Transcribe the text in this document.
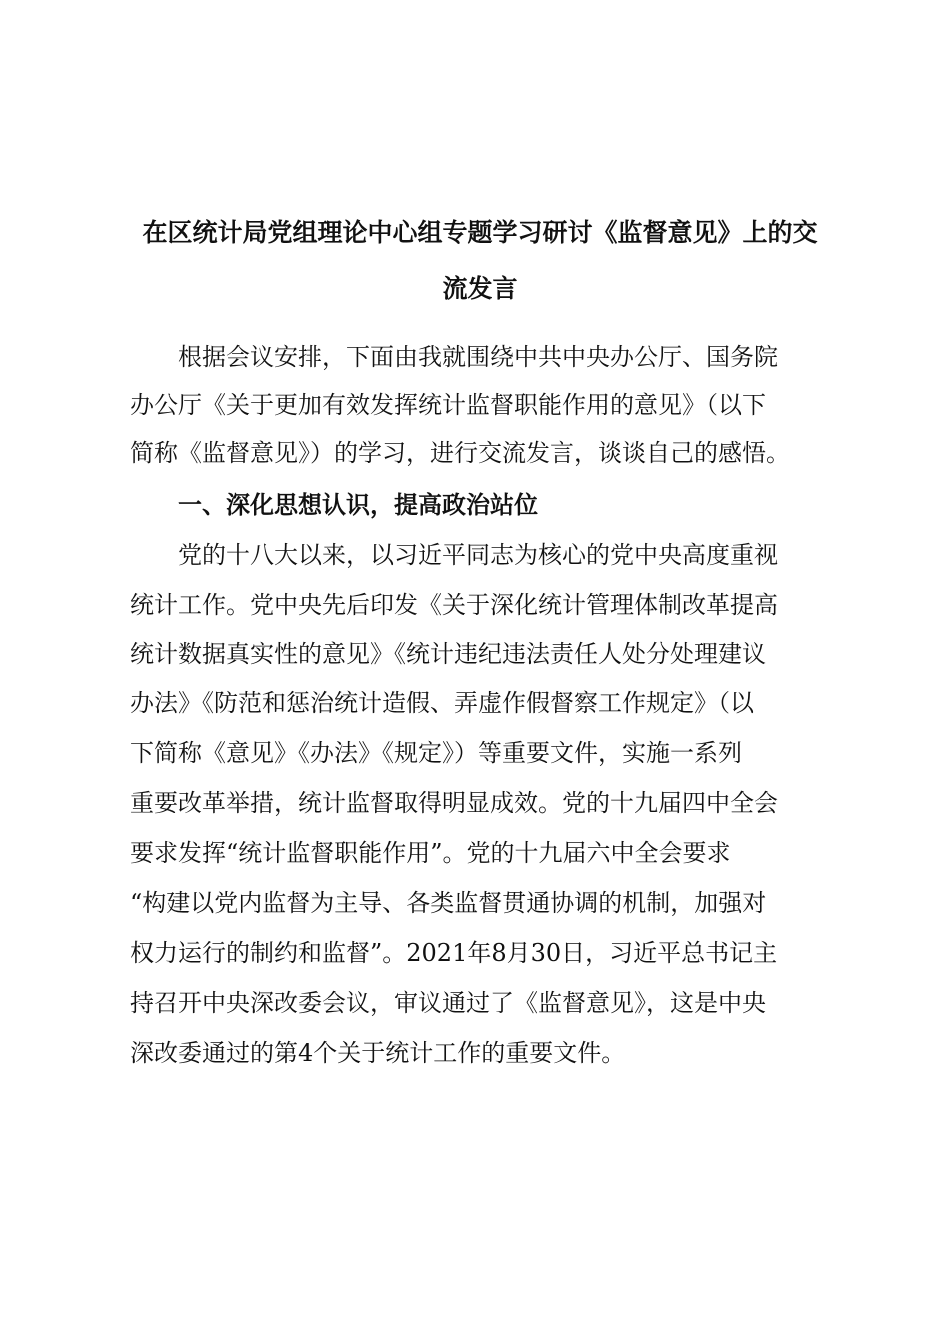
在区统计局党组理论中心组专题学习研讨《监督意见》上的交
流发言

　　根据会议安排，下面由我就围绕中共中央办公厅、国务院

办公厅《关于更加有效发挥统计监督职能作用的意见》（以下

简称《监督意见》）的学习，进行交流发言，谈谈自己的感悟。

　　一、深化思想认识，提高政治站位

　　党的十八大以来，以习近平同志为核心的党中央高度重视

统计工作。党中央先后印发《关于深化统计管理体制改革提高

统计数据真实性的意见》《统计违纪违法责任人处分处理建议

办法》《防范和惩治统计造假、弄虚作假督察工作规定》（以

下简称《意见》《办法》《规定》）等重要文件，实施一系列

重要改革举措，统计监督取得明显成效。党的十九届四中全会

要求发挥“统计监督职能作用”。党的十九届六中全会要求

“构建以党内监督为主导、各类监督贯通协调的机制，加强对

权力运行的制约和监督”。2021年8月30日，习近平总书记主

持召开中央深改委会议，审议通过了《监督意见》，这是中央

深改委通过的第4个关于统计工作的重要文件。
